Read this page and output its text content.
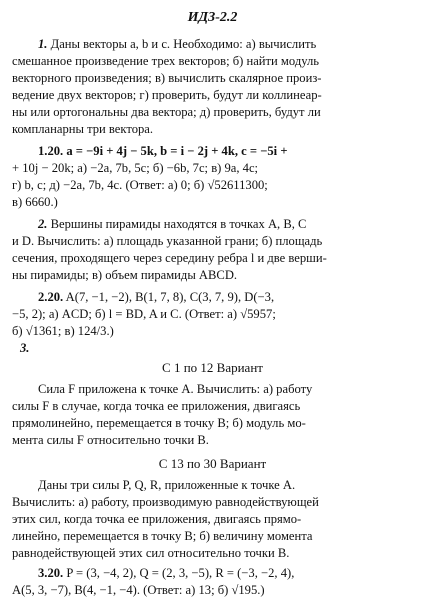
ИДЗ-2.2
1. Даны векторы a, b и c. Необходимо: а) вычислить
смешанное произведение трех векторов; б) найти модуль
векторного произведения; в) вычислить скалярное произ-
ведение двух векторов; г) проверить, будут ли коллинеар-
ны или ортогональны два вектора; д) проверить, будут ли
компланарны три вектора.
1.20. a = −9i + 4j − 5k, b = i − 2j + 4k, c = −5i +
+ 10j − 20k; а) −2a, 7b, 5c; б) −6b, 7c; в) 9a, 4c;
г) b, c; д) −2a, 7b, 4c. (Ответ: а) 0; б) √52611300;
в) 6660.)
2. Вершины пирамиды находятся в точках A, B, C
и D. Вычислить: а) площадь указанной грани; б) площадь
сечения, проходящего через середину ребра l и две верши-
ны пирамиды; в) объем пирамиды ABCD.
2.20. A(7, −1, −2), B(1, 7, 8), C(3, 7, 9), D(−3,
−5, 2); а) ACD; б) l = BD, A и C. (Ответ: а) √5957;
б) √1361; в) 124/3.)
3.
С 1 по 12 Вариант
Сила F приложена к точке A. Вычислить: а) работу
силы F в случае, когда точка ее приложения, двигаясь
прямолинейно, перемещается в точку B; б) модуль мо-
мента силы F относительно точки B.
С 13 по 30 Вариант
Даны три силы P, Q, R, приложенные к точке A.
Вычислить: а) работу, производимую равнодействующей
этих сил, когда точка ее приложения, двигаясь прямо-
линейно, перемещается в точку B; б) величину момента
равнодействующей этих сил относительно точки B.
3.20. P = (3, −4, 2), Q = (2, 3, −5), R = (−3, −2, 4),
A(5, 3, −7), B(4, −1, −4). (Ответ: а) 13; б) √195.)
